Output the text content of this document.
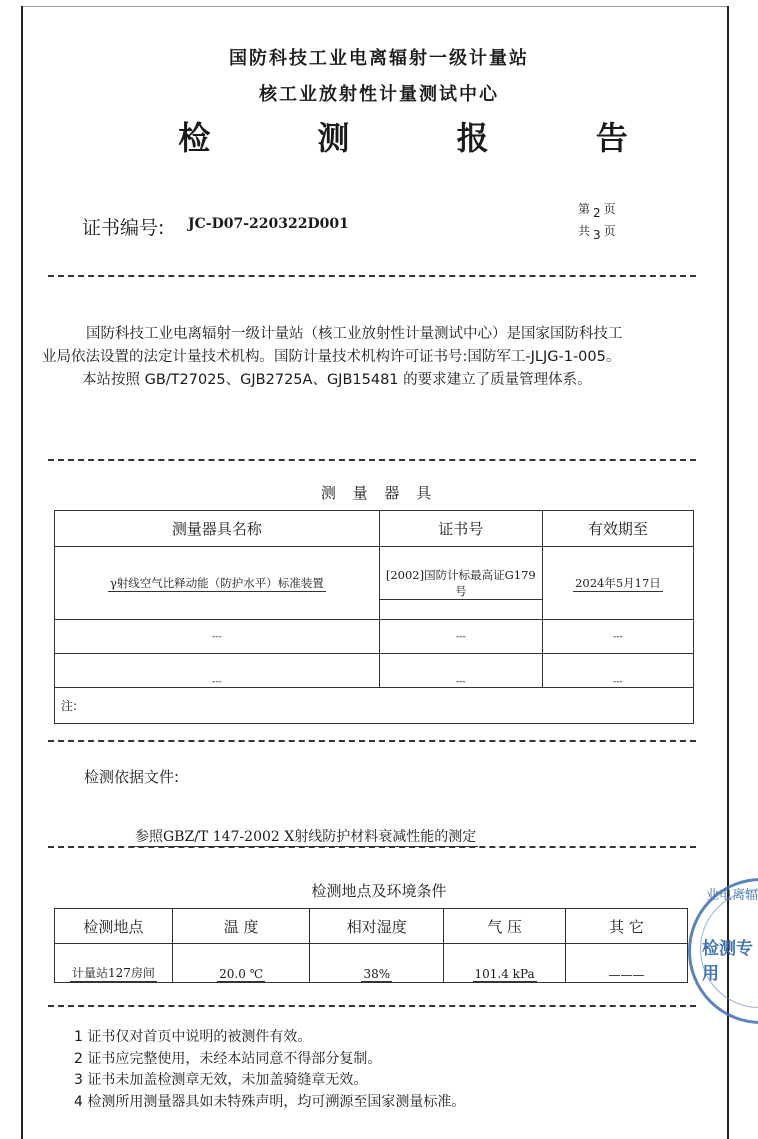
国防科技工业电离辐射一级计量站
核工业放射性计量测试中心
检 测 报 告
证书编号: JC-D07-220322D001
第 2 页
共 3 页

国防科技工业电离辐射一级计量站（核工业放射性计量测试中心）是国家国防科技工

业局依法设置的法定计量技术机构。国防计量技术机构许可证书号:国防军工-JLJG-1-005。

本站按照 GB/T27025、GJB2725A、GJB15481 的要求建立了质量管理体系。

测 量 器 具
测量器具名称	证书号	有效期至
γ射线空气比释动能（防护水平）标准装置	[2002]国防计标最高证G179号	2024年5月17日
---	---	---
---	---	---
注:		
检测依据文件:
参照GBZ/T 147-2002 X射线防护材料衰减性能的测定
检测地点及环境条件
检测地点	温 度	相对湿度	气 压	其 它
计量站127房间	20.0 ℃	38%	101.4 kPa	———
1 证书仅对首页中说明的被测件有效。
2 证书应完整使用，未经本站同意不得部分复制。
3 证书未加盖检测章无效，未加盖骑缝章无效。
4 检测所用测量器具如未特殊声明，均可溯源至国家测量标准。
业电离辐
检测专用
